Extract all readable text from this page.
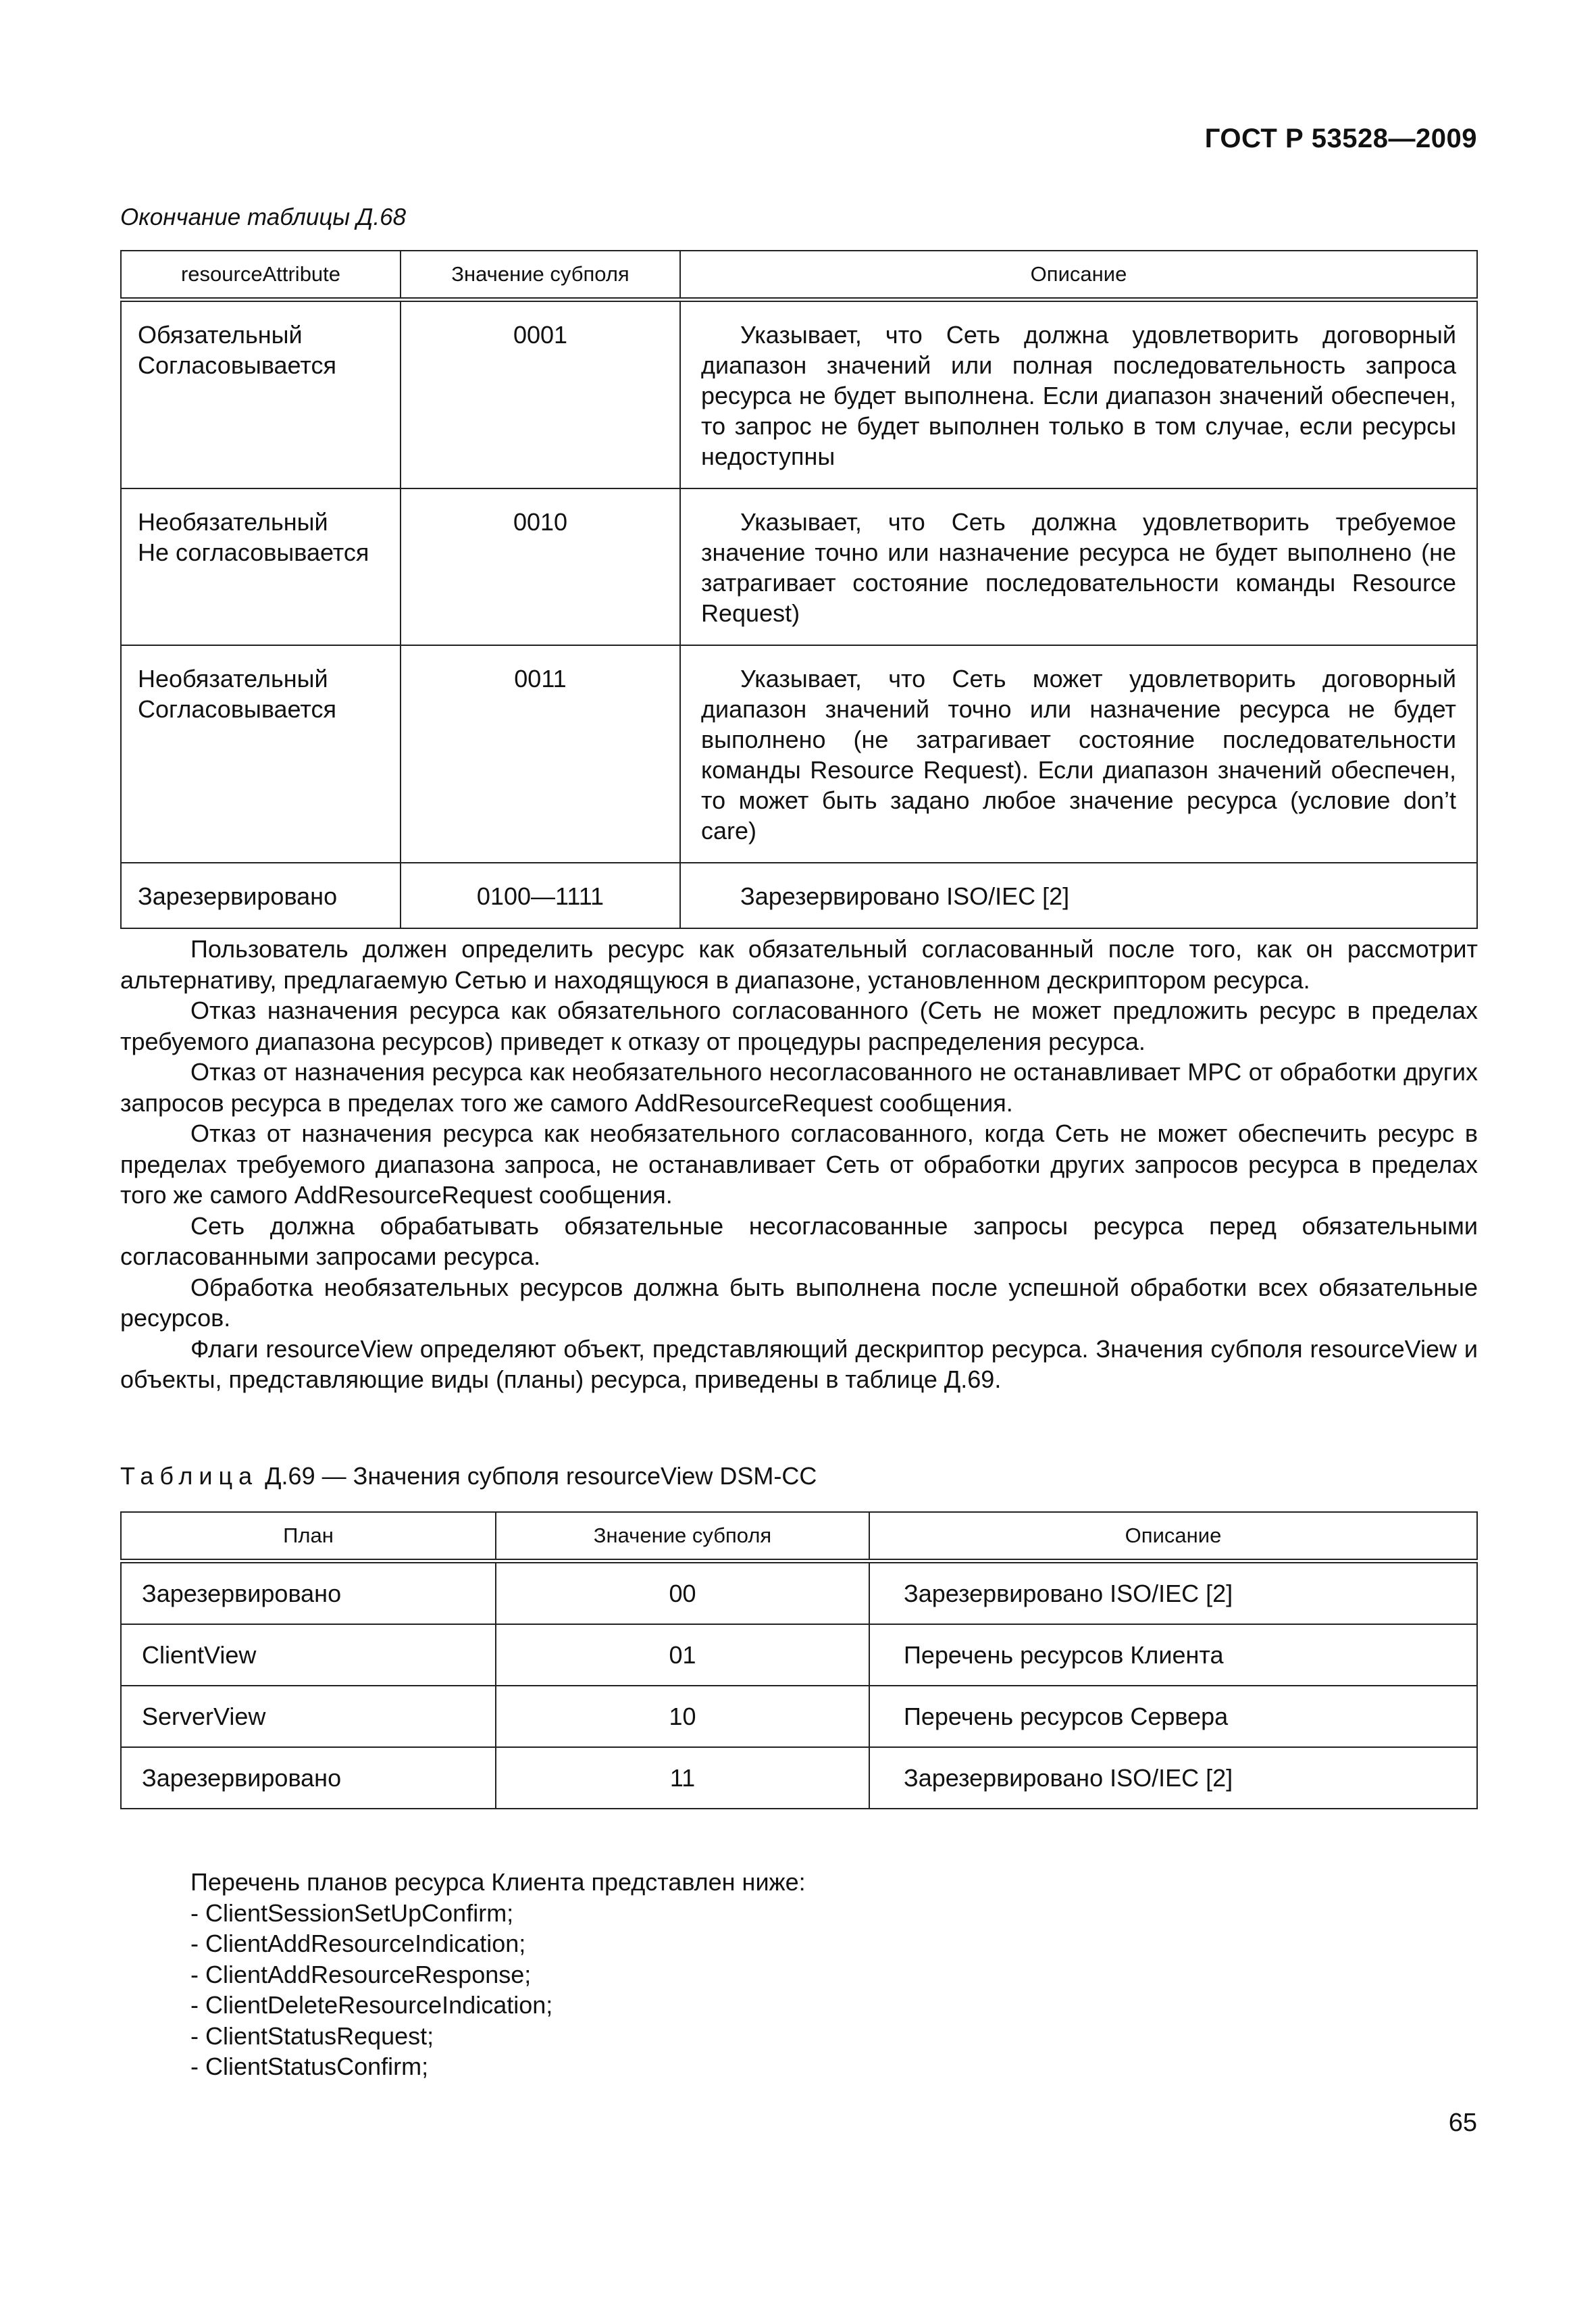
ГОСТ Р 53528—2009
Окончание таблицы Д.68
resourceAttribute	Значение субполя	Описание

Обязательный
Согласовывается	0001	Указывает, что Сеть должна удовлетворить договорный диапазон значений или полная последовательность запроса ресурса не будет выполнена. Если диапазон значений обеспечен, то запрос не будет выполнен только в том случае, если ресурсы недоступны

Необязательный
Не согласовывается	0010	Указывает, что Сеть должна удовлетворить требуемое значение точно или назначение ресурса не будет выполнено (не затрагивает состояние последовательности команды Resource Request)

Необязательный
Согласовывается	0011	Указывает, что Сеть может удовлетворить договорный диапазон значений точно или назначение ресурса не будет выполнено (не затрагивает состояние последовательности команды Resource Request). Если диапазон значений обеспечен, то может быть задано любое значение ресурса (условие don’t care)

Зарезервировано	0100—1111	Зарезервировано ISO/IEC [2]

Пользователь должен определить ресурс как обязательный согласованный после того, как он рассмотрит альтернативу, предлагаемую Сетью и находящуюся в диапазоне, установленном дескриптором ресурса.

Отказ назначения ресурса как обязательного согласованного (Сеть не может предложить ресурс в пределах требуемого диапазона ресурсов) приведет к отказу от процедуры распределения ресурса.

Отказ от назначения ресурса как необязательного несогласованного не останавливает MPC от обработки других запросов ресурса в пределах того же самого AddResourceRequest сообщения.

Отказ от назначения ресурса как необязательного согласованного, когда Сеть не может обеспечить ресурс в пределах требуемого диапазона запроса, не останавливает Сеть от обработки других запросов ресурса в пределах того же самого AddResourceRequest сообщения.

Сеть должна обрабатывать обязательные несогласованные запросы ресурса перед обязательными согласованными запросами ресурса.

Обработка необязательных ресурсов должна быть выполнена после успешной обработки всех обязательные ресурсов.

Флаги resourceView определяют объект, представляющий дескриптор ресурса. Значения субполя resourceView и объекты, представляющие виды (планы) ресурса, приведены в таблице Д.69.

Таблица Д.69 — Значения субполя resourceView DSM-CC
План	Значение субполя	Описание
Зарезервировано	00	Зарезервировано ISO/IEC [2]
ClientView	01	Перечень ресурсов Клиента
ServerView	10	Перечень ресурсов Сервера
Зарезервировано	11	Зарезервировано ISO/IEC [2]
Перечень планов ресурса Клиента представлен ниже:
- ClientSessionSetUpConfirm;
- ClientAddResourceIndication;
- ClientAddResourceResponse;
- ClientDeleteResourceIndication;
- ClientStatusRequest;
- ClientStatusConfirm;
65
